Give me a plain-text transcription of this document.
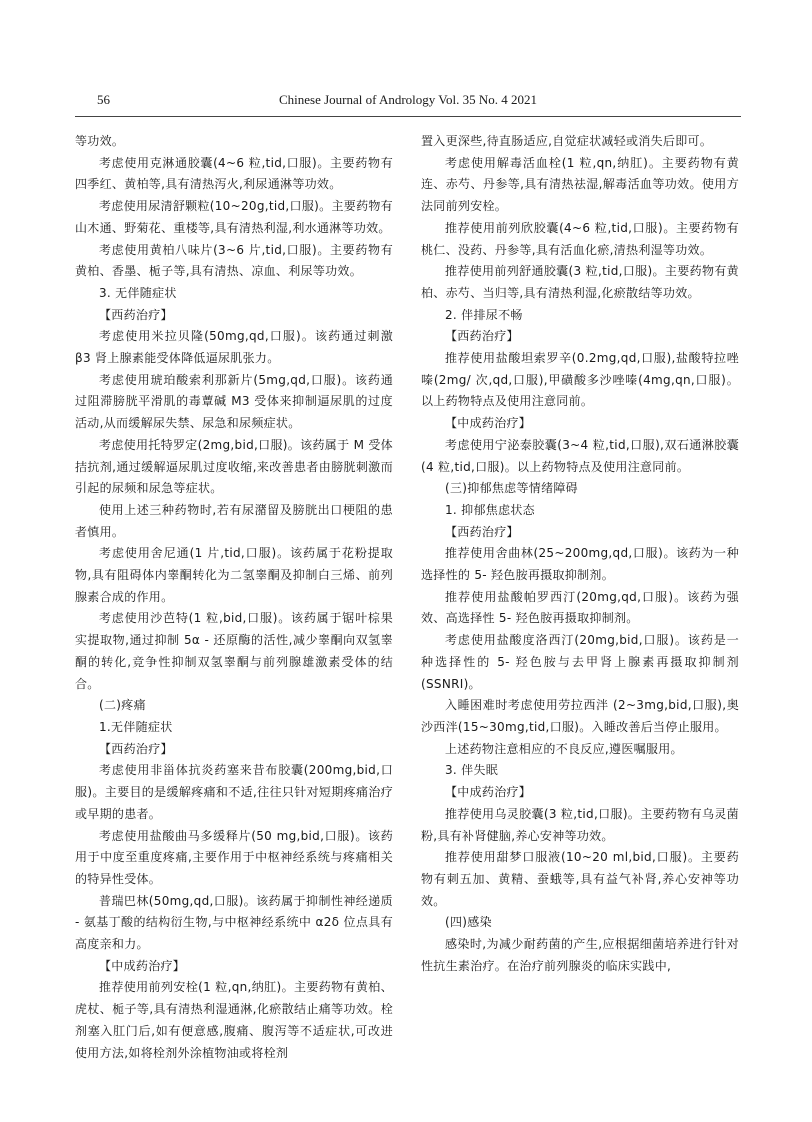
56	Chinese Journal of Andrology Vol. 35 No. 4 2021

等功效。

考虑使用克淋通胶囊(4~6 粒,tid,口服)。主要药物有四季红、黄柏等,具有清热泻火,利尿通淋等功效。

考虑使用尿清舒颗粒(10~20g,tid,口服)。主要药物有山木通、野菊花、重楼等,具有清热利湿,利水通淋等功效。

考虑使用黄柏八味片(3~6 片,tid,口服)。主要药物有黄柏、香墨、栀子等,具有清热、凉血、利尿等功效。

3. 无伴随症状

【西药治疗】

考虑使用米拉贝隆(50mg,qd,口服)。该药通过刺激 β3 肾上腺素能受体降低逼尿肌张力。

考虑使用琥珀酸索利那新片(5mg,qd,口服)。该药通过阻滞膀胱平滑肌的毒蕈碱 M3 受体来抑制逼尿肌的过度活动,从而缓解尿失禁、尿急和尿频症状。

考虑使用托特罗定(2mg,bid,口服)。该药属于 M 受体拮抗剂,通过缓解逼尿肌过度收缩,来改善患者由膀胱刺激而引起的尿频和尿急等症状。

使用上述三种药物时,若有尿潴留及膀胱出口梗阻的患者慎用。

考虑使用舍尼通(1 片,tid,口服)。该药属于花粉提取物,具有阻碍体内睾酮转化为二氢睾酮及抑制白三烯、前列腺素合成的作用。

考虑使用沙芭特(1 粒,bid,口服)。该药属于锯叶棕果实提取物,通过抑制 5α - 还原酶的活性,减少睾酮向双氢睾酮的转化,竞争性抑制双氢睾酮与前列腺雄激素受体的结合。

(二)疼痛

1.无伴随症状

【西药治疗】

考虑使用非甾体抗炎药塞来昔布胶囊(200mg,bid,口服)。主要目的是缓解疼痛和不适,往往只针对短期疼痛治疗或早期的患者。

考虑使用盐酸曲马多缓释片(50 mg,bid,口服)。该药用于中度至重度疼痛,主要作用于中枢神经系统与疼痛相关的特异性受体。

普瑞巴林(50mg,qd,口服)。该药属于抑制性神经递质 - 氨基丁酸的结构衍生物,与中枢神经系统中 α2δ 位点具有高度亲和力。

【中成药治疗】

推荐使用前列安栓(1 粒,qn,纳肛)。主要药物有黄柏、虎杖、栀子等,具有清热利湿通淋,化瘀散结止痛等功效。栓剂塞入肛门后,如有便意感,腹痛、腹泻等不适症状,可改进使用方法,如将栓剂外涂植物油或将栓剂

置入更深些,待直肠适应,自觉症状减轻或消失后即可。

考虑使用解毒活血栓(1 粒,qn,纳肛)。主要药物有黄连、赤芍、丹参等,具有清热祛湿,解毒活血等功效。使用方法同前列安栓。

推荐使用前列欣胶囊(4~6 粒,tid,口服)。主要药物有桃仁、没药、丹参等,具有活血化瘀,清热利湿等功效。

推荐使用前列舒通胶囊(3 粒,tid,口服)。主要药物有黄柏、赤芍、当归等,具有清热利湿,化瘀散结等功效。

2. 伴排尿不畅

【西药治疗】

推荐使用盐酸坦索罗辛(0.2mg,qd,口服),盐酸特拉唑嗪(2mg/ 次,qd,口服),甲磺酸多沙唑嗪(4mg,qn,口服)。以上药物特点及使用注意同前。

【中成药治疗】

考虑使用宁泌泰胶囊(3~4 粒,tid,口服),双石通淋胶囊(4 粒,tid,口服)。以上药物特点及使用注意同前。

(三)抑郁焦虑等情绪障碍

1. 抑郁焦虑状态

【西药治疗】

推荐使用舍曲林(25~200mg,qd,口服)。该药为一种选择性的 5- 羟色胺再摄取抑制剂。

推荐使用盐酸帕罗西汀(20mg,qd,口服)。该药为强效、高选择性 5- 羟色胺再摄取抑制剂。

考虑使用盐酸度洛西汀(20mg,bid,口服)。该药是一种选择性的 5- 羟色胺与去甲肾上腺素再摄取抑制剂(SSNRI)。

入睡困难时考虑使用劳拉西泮 (2~3mg,bid,口服),奥沙西泮(15~30mg,tid,口服)。入睡改善后当停止服用。

上述药物注意相应的不良反应,遵医嘱服用。

3. 伴失眠

【中成药治疗】

推荐使用乌灵胶囊(3 粒,tid,口服)。主要药物有乌灵菌粉,具有补肾健脑,养心安神等功效。

推荐使用甜梦口服液(10~20 ml,bid,口服)。主要药物有刺五加、黄精、蚕蛾等,具有益气补肾,养心安神等功效。

(四)感染

感染时,为减少耐药菌的产生,应根据细菌培养进行针对性抗生素治疗。在治疗前列腺炎的临床实践中,
